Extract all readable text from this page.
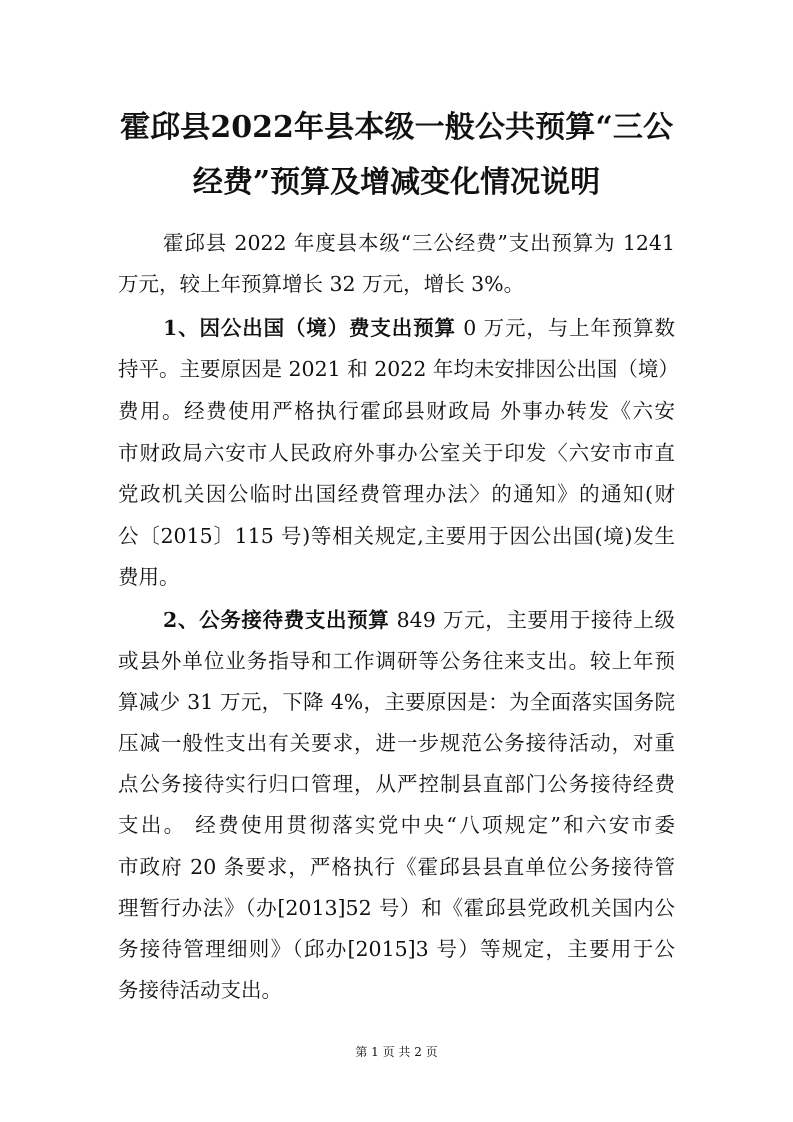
霍邱县2022年县本级一般公共预算“三公
经费”预算及增减变化情况说明
霍邱县 2022 年度县本级“三公经费”支出预算为 1241
万元，较上年预算增长 32 万元，增长 3%。
1、因公出国（境）费支出预算 0 万元，与上年预算数
持平。主要原因是 2021 和 2022 年均未安排因公出国（境）
费用。经费使用严格执行霍邱县财政局 外事办转发《六安
市财政局六安市人民政府外事办公室关于印发〈六安市市直
党政机关因公临时出国经费管理办法〉的通知》的通知(财
公〔2015〕115 号)等相关规定,主要用于因公出国(境)发生
费用。
2、公务接待费支出预算 849 万元，主要用于接待上级
或县外单位业务指导和工作调研等公务往来支出。较上年预
算减少 31 万元，下降 4%，主要原因是：为全面落实国务院
压减一般性支出有关要求，进一步规范公务接待活动，对重
点公务接待实行归口管理，从严控制县直部门公务接待经费
支出。 经费使用贯彻落实党中央“八项规定”和六安市委
市政府 20 条要求，严格执行《霍邱县县直单位公务接待管
理暂行办法》（办[2013]52 号）和《霍邱县党政机关国内公
务接待管理细则》（邱办[2015]3 号）等规定，主要用于公
务接待活动支出。
第 1 页 共 2 页
